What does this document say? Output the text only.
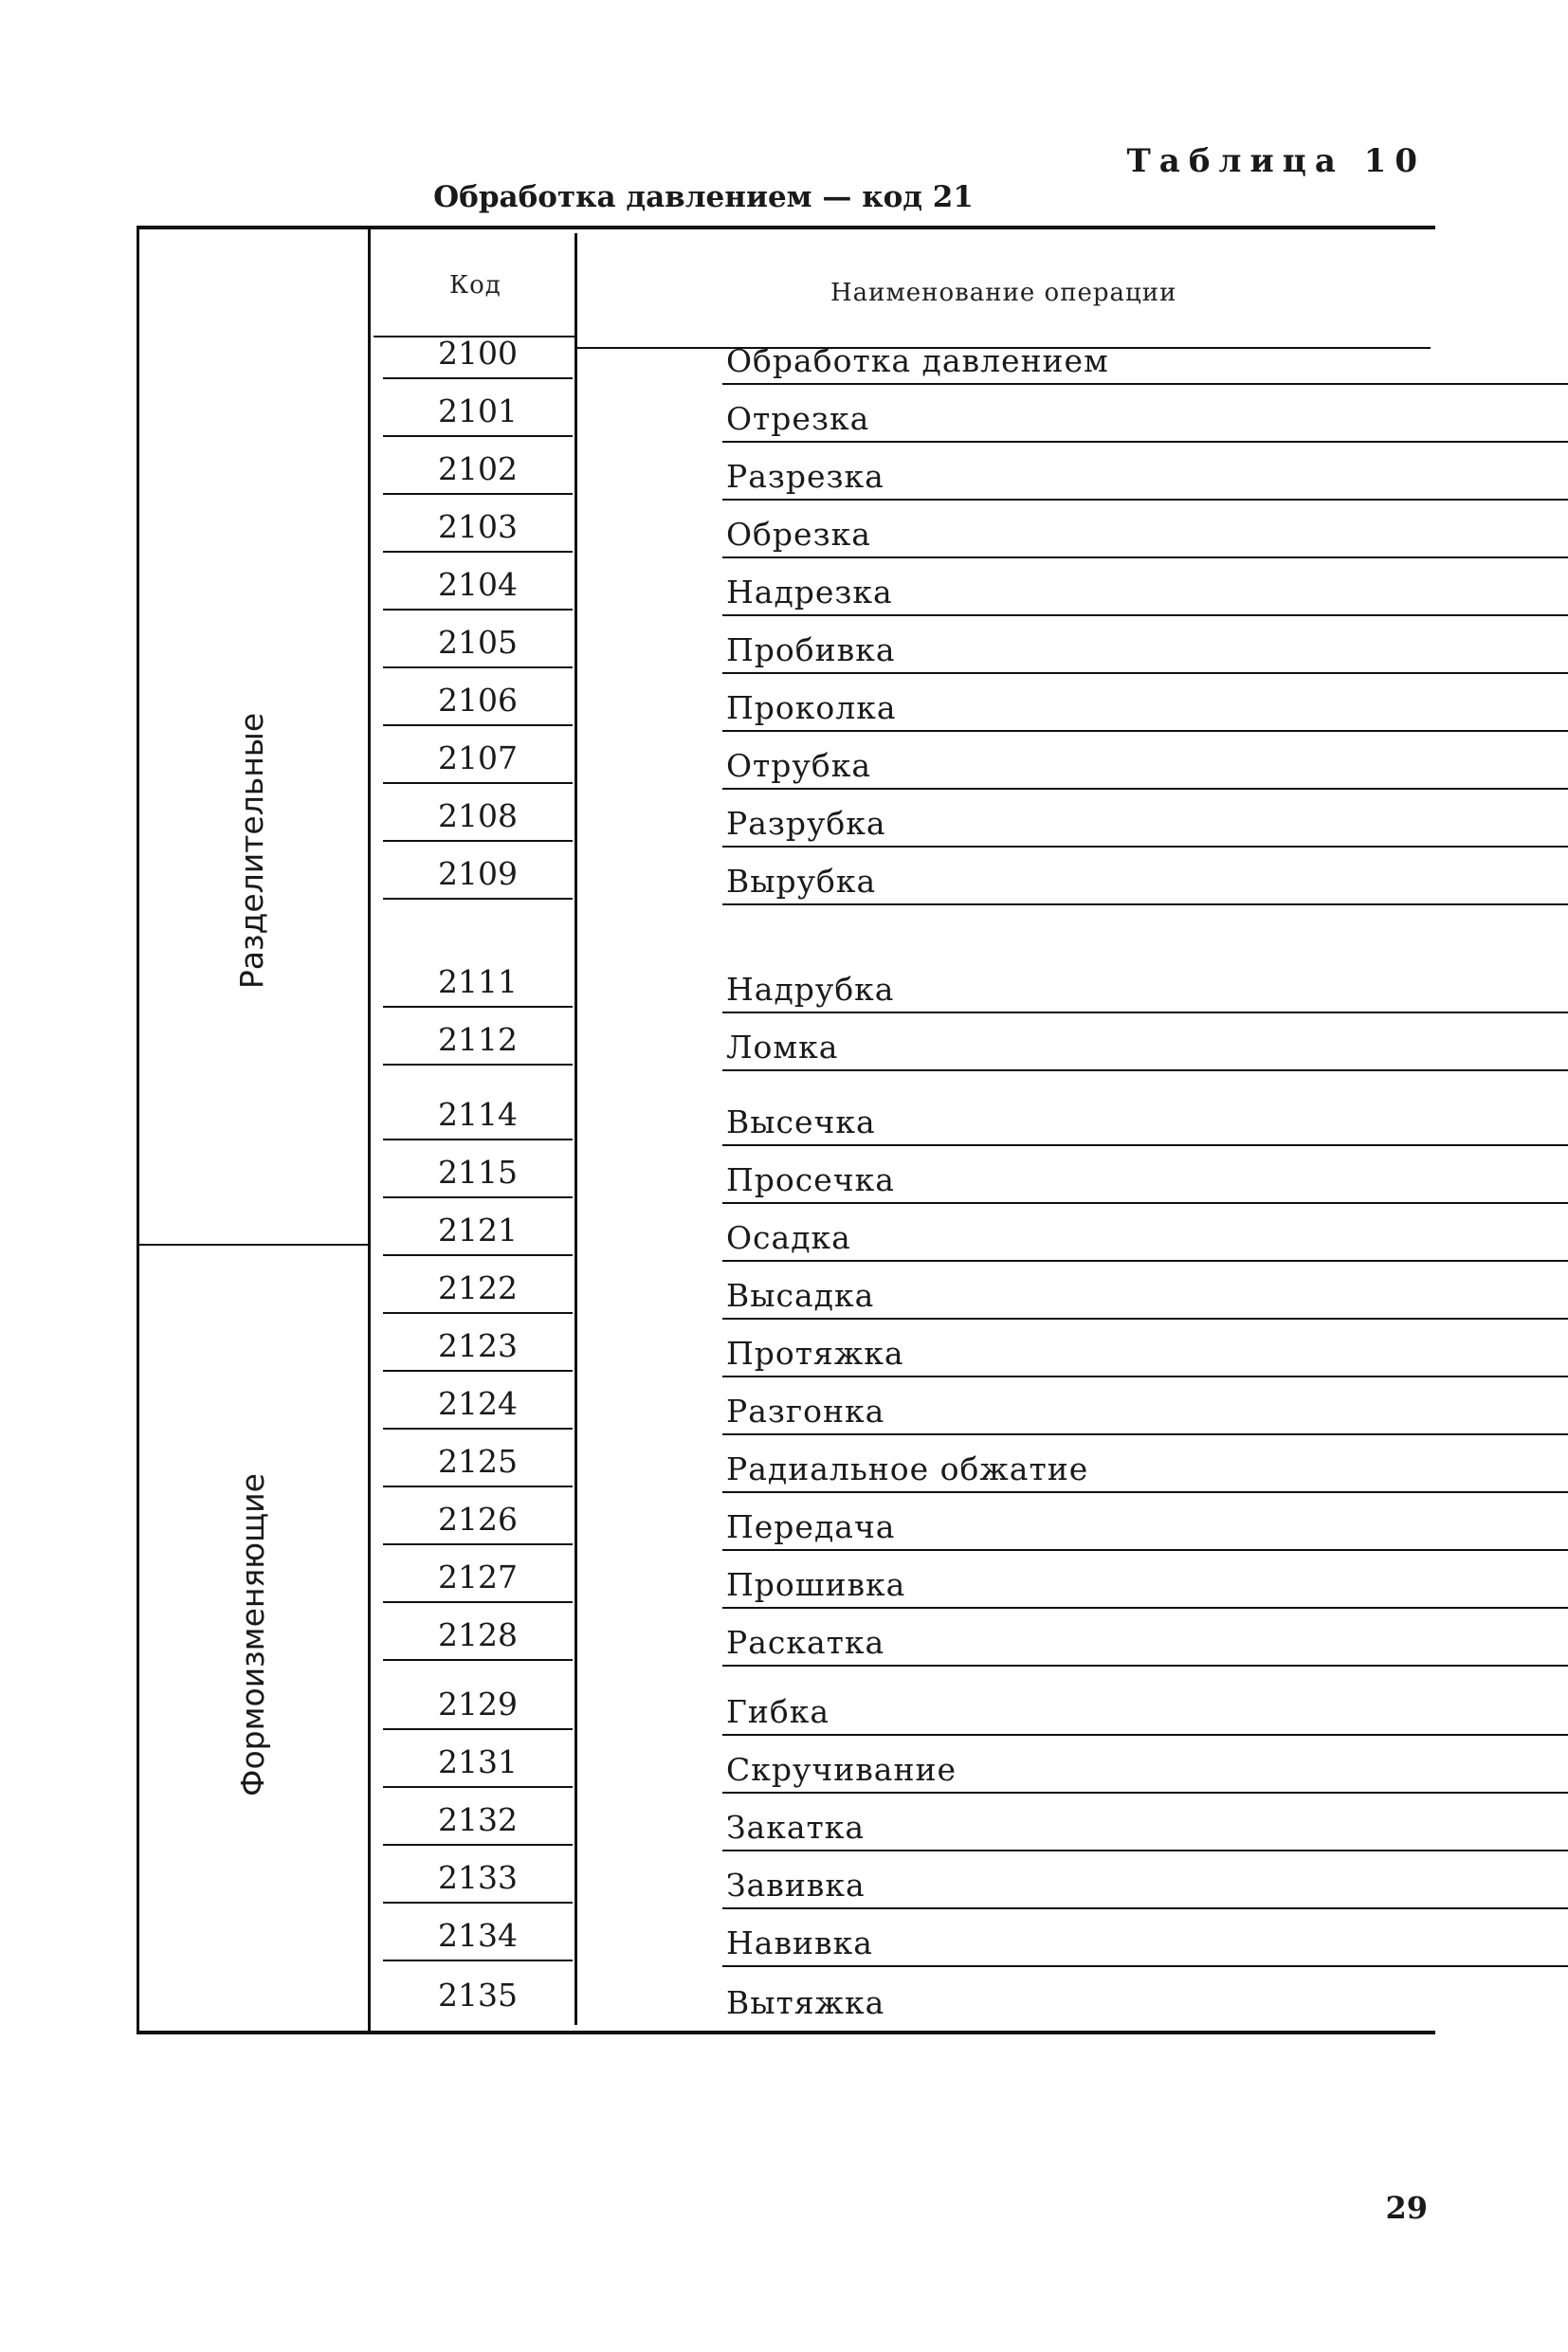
Таблица 10
Обработка давлением — код 21
Код	Наименование операции
Разделительные
Формоизменяющие
2100	Обработка давлением
2101	Отрезка
2102	Разрезка
2103	Обрезка
2104	Надрезка
2105	Пробивка
2106	Проколка
2107	Отрубка
2108	Разрубка
2109	Вырубка
2111	Надрубка
2112	Ломка
2114	Высечка
2115	Просечка
2121	Осадка
2122	Высадка
2123	Протяжка
2124	Разгонка
2125	Радиальное обжатие
2126	Передача
2127	Прошивка
2128	Раскатка
2129	Гибка
2131	Скручивание
2132	Закатка
2133	Завивка
2134	Навивка
2135	Вытяжка
29
